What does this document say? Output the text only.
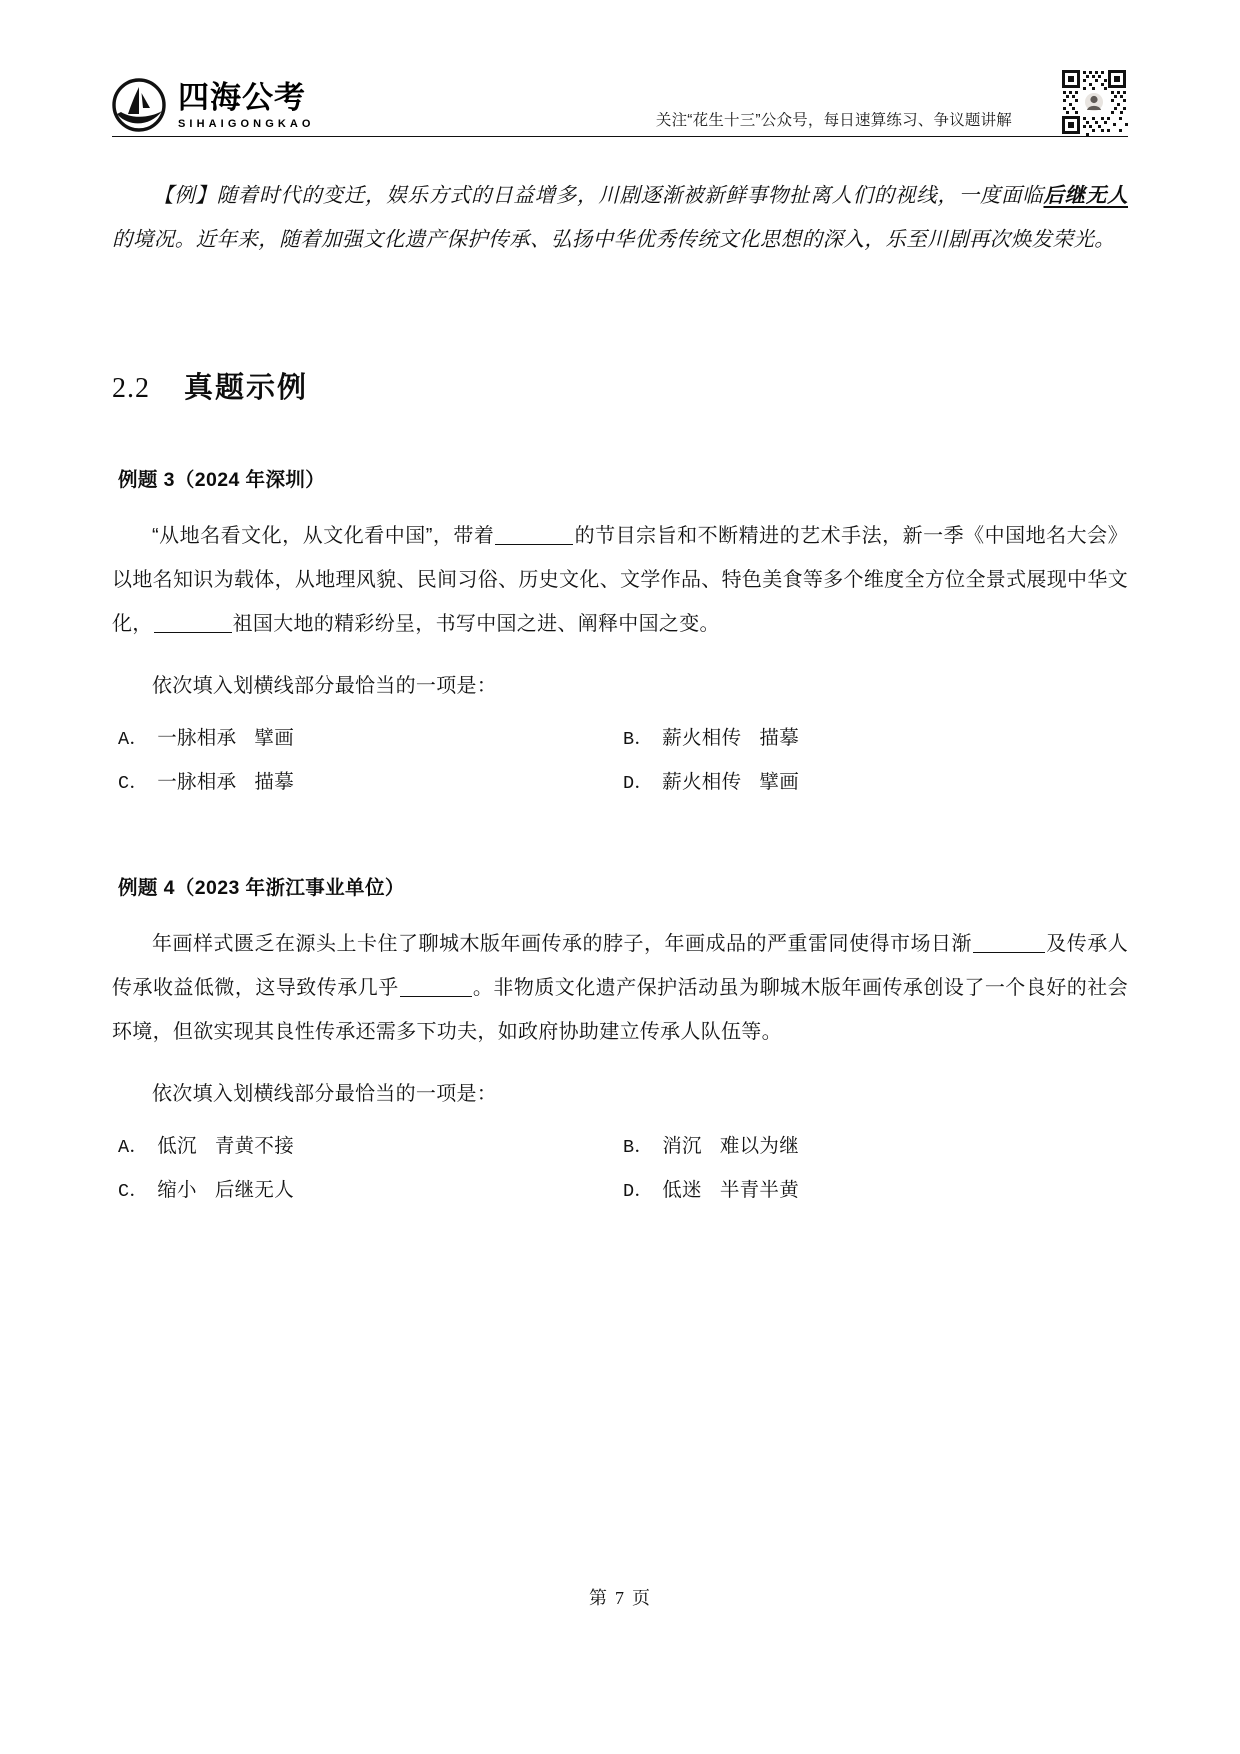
四海公考
SIHAIGONGKAO	关注“花生十三”公众号，每日速算练习、争议题讲解

【例】随着时代的变迁，娱乐方式的日益增多，川剧逐渐被新鲜事物扯离人们的视线，一度面临后继无人的境况。近年来，随着加强文化遗产保护传承、弘扬中华优秀传统文化思想的深入，乐至川剧再次焕发荣光。

2.2 真题示例
例题 3（2024 年深圳）

“从地名看文化，从文化看中国”，带着	的节目宗旨和不断精进的艺术手法，新一季《中国地名大会》以地名知识为载体，从地理风貌、民间习俗、历史文化、文学作品、特色美食等多个维度全方位全景式展现中华文化，	祖国大地的精彩纷呈，书写中国之进、阐释中国之变。

依次填入划横线部分最恰当的一项是：
A． 一脉相承 擘画	B． 薪火相传 描摹
C． 一脉相承 描摹	D． 薪火相传 擘画
例题 4（2023 年浙江事业单位）

年画样式匮乏在源头上卡住了聊城木版年画传承的脖子，年画成品的严重雷同使得市场日渐	及传承人传承收益低微，这导致传承几乎	。非物质文化遗产保护活动虽为聊城木版年画传承创设了一个良好的社会环境，但欲实现其良性传承还需多下功夫，如政府协助建立传承人队伍等。

依次填入划横线部分最恰当的一项是：
A． 低沉 青黄不接	B． 消沉 难以为继
C． 缩小 后继无人	D． 低迷 半青半黄
第 7 页
